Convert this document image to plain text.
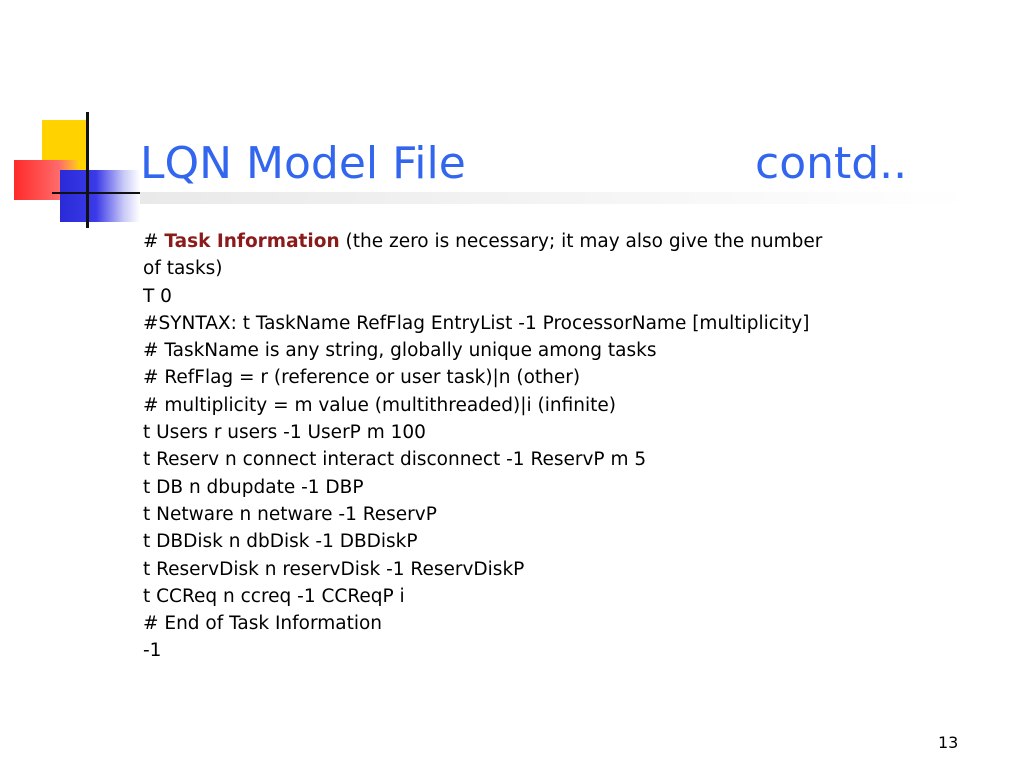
LQN Model File	contd..

# Task Information (the zero is necessary; it may also give the number of tasks)

T 0

#SYNTAX: t TaskName RefFlag EntryList -1 ProcessorName [multiplicity]

# TaskName is any string, globally unique among tasks

# RefFlag = r (reference or user task)|n (other)

# multiplicity = m value (multithreaded)|i (infinite)

t Users r users -1 UserP m 100

t Reserv n connect interact disconnect -1 ReservP m 5

t DB n dbupdate -1 DBP

t Netware n netware -1 ReservP

t DBDisk n dbDisk -1 DBDiskP

t ReservDisk n reservDisk -1 ReservDiskP

t CCReq n ccreq -1 CCReqP i

# End of Task Information

-1

13
